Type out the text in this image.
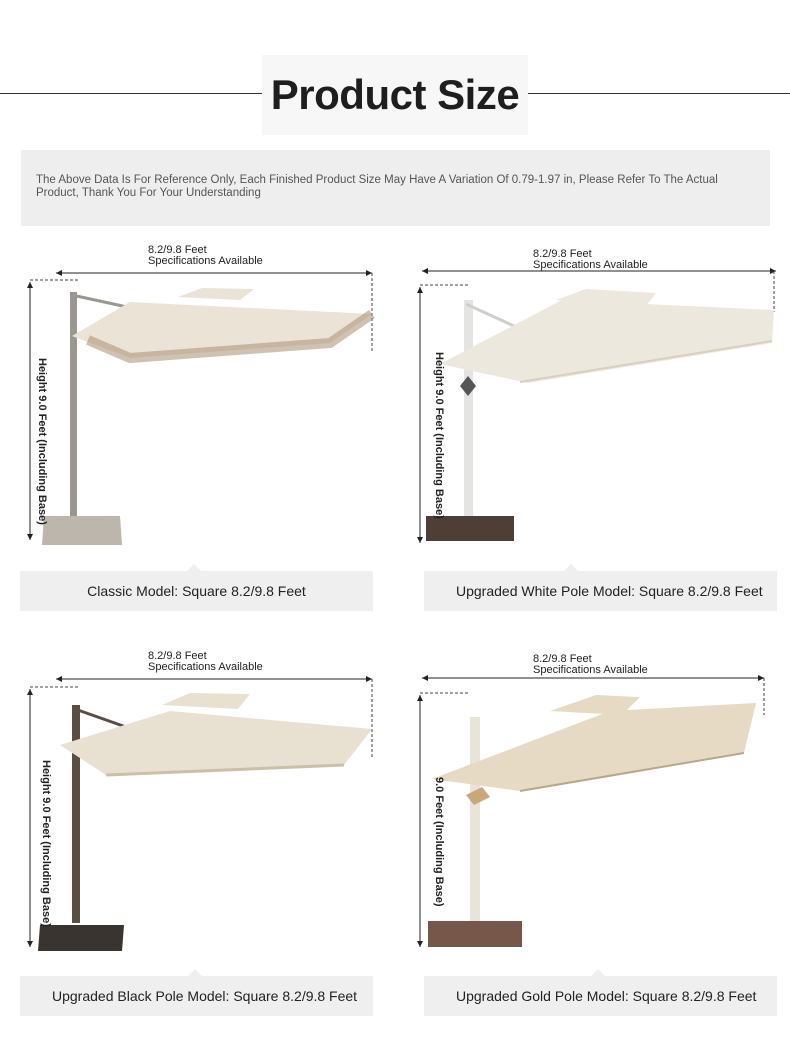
Product Size
The Above Data Is For Reference Only, Each Finished Product Size May Have A Variation Of 0.79-1.97 in, Please Refer To The Actual Product, Thank You For Your Understanding
8.2/9.8 Feet
Specifications Available
Height 9.0 Feet (Including Base)
Classic Model: Square 8.2/9.8 Feet
8.2/9.8 Feet
Specifications Available
Height 9.0 Feet (Including Base)
Upgraded White Pole Model: Square 8.2/9.8 Feet
8.2/9.8 Feet
Specifications Available
Height 9.0 Feet (Including Base)
Upgraded Black Pole Model: Square 8.2/9.8 Feet
8.2/9.8 Feet
Specifications Available
9.0 Feet (Including Base)
Upgraded Gold Pole Model: Square 8.2/9.8 Feet
